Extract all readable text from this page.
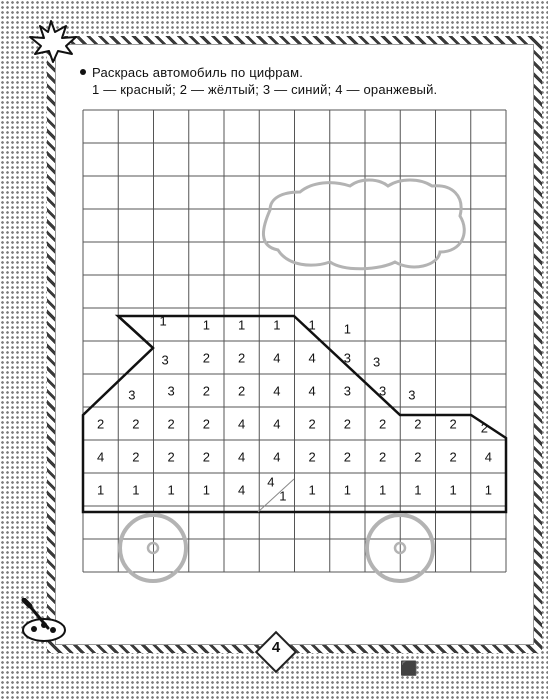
Раскрась автомобиль по цифрам.
1 — красный; 2 — жёлтый; 3 — синий; 4 — оранжевый.
1	1 1 1 1 1
3	2 2 4 4 3 3
3 3 2 2 4 4 3 3 3
2 2 2 2 4 4 2 2 2 2 2 2
4 2 2 2 4 4 2 2 2 2 2 4
1 1 1 1 4
4
1 1 1 1 1 1 1
4
⬛
